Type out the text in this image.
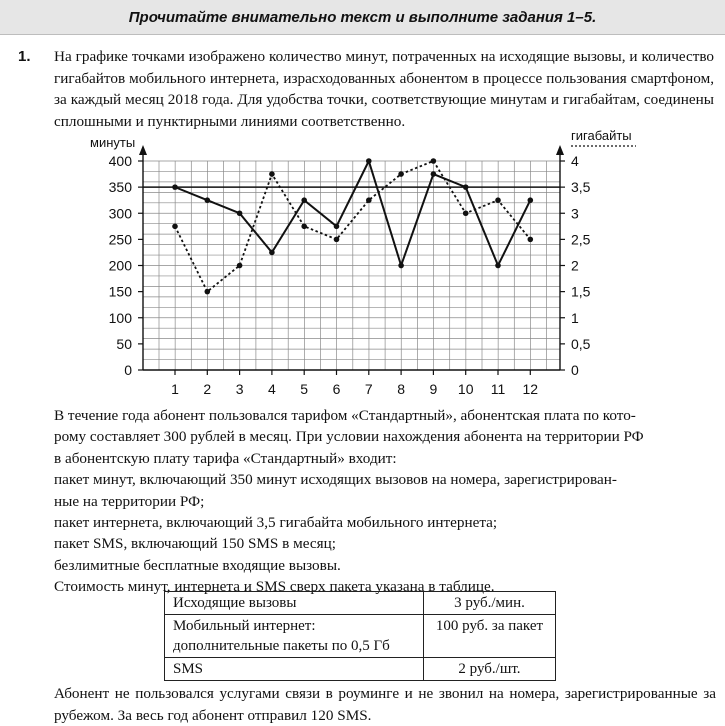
Прочитайте внимательно текст и выполните задания 1–5.
1. На графике точками изображено количество минут, потраченных на исходящие вызовы, и количество гигабайтов мобильного интернета, израсходованных абонентом в процессе пользования смартфоном, за каждый месяц 2018 года. Для удобства точки, соответствующие минутам и гигабайтам, соединены сплошными и пунктирными линиями соответственно.

0
50
100
150
200
250
300
350
400
0
0,5
1
1,5
2
2,5
3
3,5
4
1 2 3 4 5 6 7 8 9 10 11 12
минуты	гигабайты
В течение года абонент пользовался тарифом «Стандартный», абонентская плата по кото-
рому составляет 300 рублей в месяц. При условии нахождения абонента на территории РФ
в абонентскую плату тарифа «Стандартный» входит:
пакет минут, включающий 350 минут исходящих вызовов на номера, зарегистрирован-
ные на территории РФ;
пакет интернета, включающий 3,5 гигабайта мобильного интернета;
пакет SMS, включающий 150 SMS в месяц;
безлимитные бесплатные входящие вызовы.
Стоимость минут, интернета и SMS сверх пакета указана в таблице.
Исходящие вызовы	3 руб./мин.

Мобильный интернет:
дополнительные пакеты по 0,5 Гб	100 руб. за пакет
SMS	2 руб./шт.

Абонент не пользовался услугами связи в роуминге и не звонил на номера, зарегистрированные за рубежом. За весь год абонент отправил 120 SMS.
